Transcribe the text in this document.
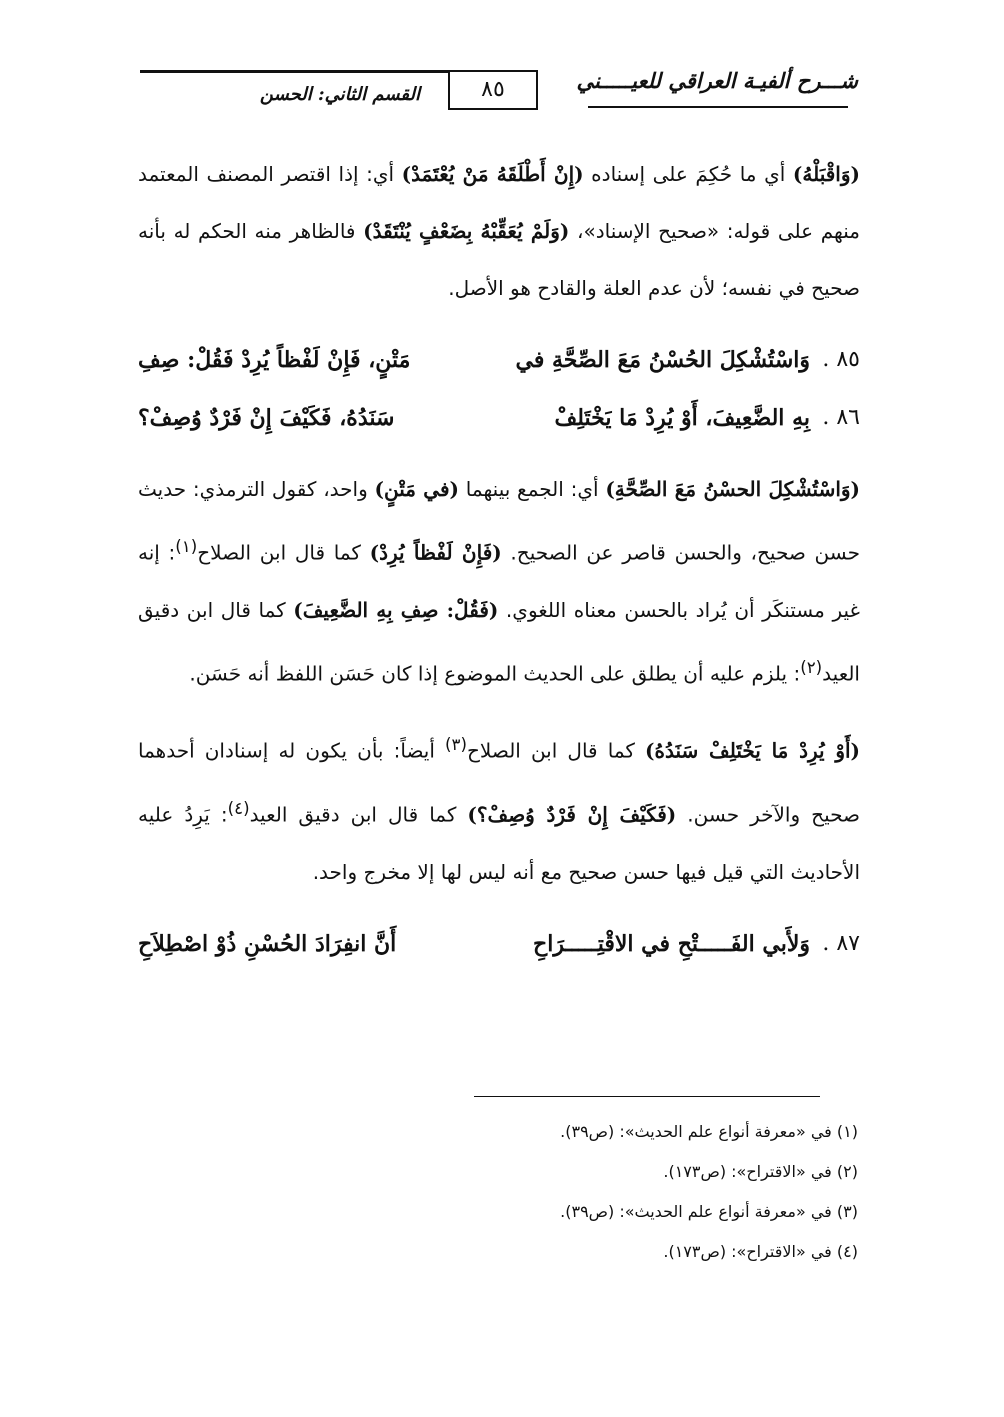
شـــرح ألفيـة العراقي للعيـــــني
٨٥
القسم الثاني: الحسن

(وَاقْبَلْهُ) أي ما حُكِمَ على إسناده (إِنْ أَطْلَقَهُ مَنْ يُعْتَمَدْ) أي: إذا اقتصر المصنف المعتمد منهم على قوله: «صحيح الإسناد»، (وَلَمْ يُعَقِّبْهُ بِضَعْفٍ يُنْتَقَدْ) فالظاهر منه الحكم له بأنه صحيح في نفسه؛ لأن عدم العلة والقادح هو الأصل.

٨٥ .
وَاسْتُشْكِلَ الحُسْنُ مَعَ الصِّحَّةِ في
مَتْنٍ، فَإِنْ لَفْظاً يُرِدْ فَقُلْ: صِفِ
٨٦ .
بِهِ الضَّعِيفَ، أَوْ يُرِدْ مَا يَخْتَلِفْ
سَنَدُهُ، فَكَيْفَ إِنْ فَرْدٌ وُصِفْ؟

(وَاسْتُشْكِلَ الحسْنُ مَعَ الصِّحَّةِ) أي: الجمع بينهما (في مَتْنٍ) واحد، كقول الترمذي: حديث حسن صحيح، والحسن قاصر عن الصحيح. (فَإِنْ لَفْظاً يُرِدْ) كما قال ابن الصلاح$^{(١)}$: إنه غير مستنكَر أن يُراد بالحسن معناه اللغوي. (فَقُلْ: صِفِ بِهِ الضَّعِيفَ) كما قال ابن دقيق العيد$^{(٢)}$: يلزم عليه أن يطلق على الحديث الموضوع إذا كان حَسَن اللفظ أنه حَسَن.

(أَوْ يُرِدْ مَا يَخْتَلِفْ سَنَدُهُ) كما قال ابن الصلاح$^{(٣)}$ أيضاً: بأن يكون له إسنادان أحدهما صحيح والآخر حسن. (فَكَيْفَ إِنْ فَرْدٌ وُصِفْ؟) كما قال ابن دقيق العيد$^{(٤)}$: يَرِدُ عليه الأحاديث التي قيل فيها حسن صحيح مع أنه ليس لها إلا مخرج واحد.

٨٧ .
وَلأَبي الفَـــــتْحِ في الاقْتِـــــرَاحِ
أَنَّ انفِرَادَ الحُسْنِ ذُوْ اصْطِلاَحِ
(١) في «معرفة أنواع علم الحديث»: (ص٣٩).
(٢) في «الاقتراح»: (ص١٧٣).
(٣) في «معرفة أنواع علم الحديث»: (ص٣٩).
(٤) في «الاقتراح»: (ص١٧٣).
